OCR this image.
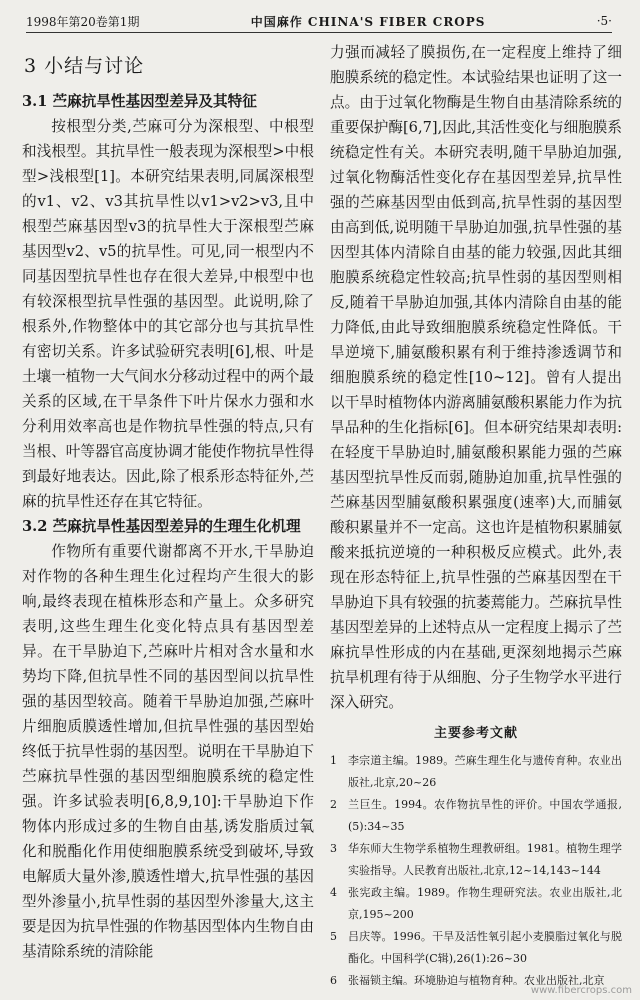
1998年第20卷第1期	中国麻作 CHINA'S FIBER CROPS	·5·
3 小结与讨论
3.1 苎麻抗旱性基因型差异及其特征

按根型分类,苎麻可分为深根型、中根型和浅根型。其抗旱性一般表现为深根型>中根型>浅根型[1]。本研究结果表明,同属深根型的v1、v2、v3其抗旱性以v1>v2>v3,且中根型苎麻基因型v3的抗旱性大于深根型苎麻基因型v2、v5的抗旱性。可见,同一根型内不同基因型抗旱性也存在很大差异,中根型中也有较深根型抗旱性强的基因型。此说明,除了根系外,作物整体中的其它部分也与其抗旱性有密切关系。许多试验研究表明[6],根、叶是土壤一植物一大气间水分移动过程中的两个最关系的区域,在干旱条件下叶片保水力强和水分利用效率高也是作物抗旱性强的特点,只有当根、叶等器官高度协调才能使作物抗旱性得到最好地表达。因此,除了根系形态特征外,苎麻的抗旱性还存在其它特征。

3.2 苎麻抗旱性基因型差异的生理生化机理

作物所有重要代谢都离不开水,干旱胁迫对作物的各种生理生化过程均产生很大的影响,最终表现在植株形态和产量上。众多研究表明,这些生理生化变化特点具有基因型差异。在干旱胁迫下,苎麻叶片相对含水量和水势均下降,但抗旱性不同的基因型间以抗旱性强的基因型较高。随着干旱胁迫加强,苎麻叶片细胞质膜透性增加,但抗旱性强的基因型始终低于抗旱性弱的基因型。说明在干旱胁迫下苎麻抗旱性强的基因型细胞膜系统的稳定性强。许多试验表明[6,8,9,10]:干旱胁迫下作物体内形成过多的生物自由基,诱发脂质过氧化和脱酯化作用使细胞膜系统受到破坏,导致电解质大量外渗,膜透性增大,抗旱性强的基因型外渗量小,抗旱性弱的基因型外渗量大,这主要是因为抗旱性强的作物基因型体内生物自由基清除系统的清除能

力强而减轻了膜损伤,在一定程度上维持了细胞膜系统的稳定性。本试验结果也证明了这一点。由于过氧化物酶是生物自由基清除系统的重要保护酶[6,7],因此,其活性变化与细胞膜系统稳定性有关。本研究表明,随干旱胁迫加强,过氧化物酶活性变化存在基因型差异,抗旱性强的苎麻基因型由低到高,抗旱性弱的基因型由高到低,说明随干旱胁迫加强,抗旱性强的基因型其体内清除自由基的能力较强,因此其细胞膜系统稳定性较高;抗旱性弱的基因型则相反,随着干旱胁迫加强,其体内清除自由基的能力降低,由此导致细胞膜系统稳定性降低。干旱逆境下,脯氨酸积累有利于维持渗透调节和细胞膜系统的稳定性[10~12]。曾有人提出以干旱时植物体内游离脯氨酸积累能力作为抗旱品种的生化指标[6]。但本研究结果却表明:在轻度干旱胁迫时,脯氨酸积累能力强的苎麻基因型抗旱性反而弱,随胁迫加重,抗旱性强的苎麻基因型脯氨酸积累强度(速率)大,而脯氨酸积累量并不一定高。这也许是植物积累脯氨酸来抵抗逆境的一种积极反应模式。此外,表现在形态特征上,抗旱性强的苎麻基因型在干旱胁迫下具有较强的抗萎蔫能力。苎麻抗旱性基因型差异的上述特点从一定程度上揭示了苎麻抗旱性形成的内在基础,更深刻地揭示苎麻抗旱机理有待于从细胞、分子生物学水平进行深入研究。

主要参考文献
1	李宗道主编。1989。苎麻生理生化与遗传育种。农业出版社,北京,20~26
2	兰巨生。1994。农作物抗旱性的评价。中国农学通报,(5):34~35
3	华东师大生物学系植物生理教研组。1981。植物生理学实验指导。人民教育出版社,北京,12~14,143~144
4	张宪政主编。1989。作物生理研究法。农业出版社,北京,195~200
5	吕庆等。1996。干旱及活性氧引起小麦膜脂过氧化与脱酯化。中国科学(C辑),26(1):26~30
6	张福锁主编。环境胁迫与植物育种。农业出版社,北京
www.fibercrops.com
